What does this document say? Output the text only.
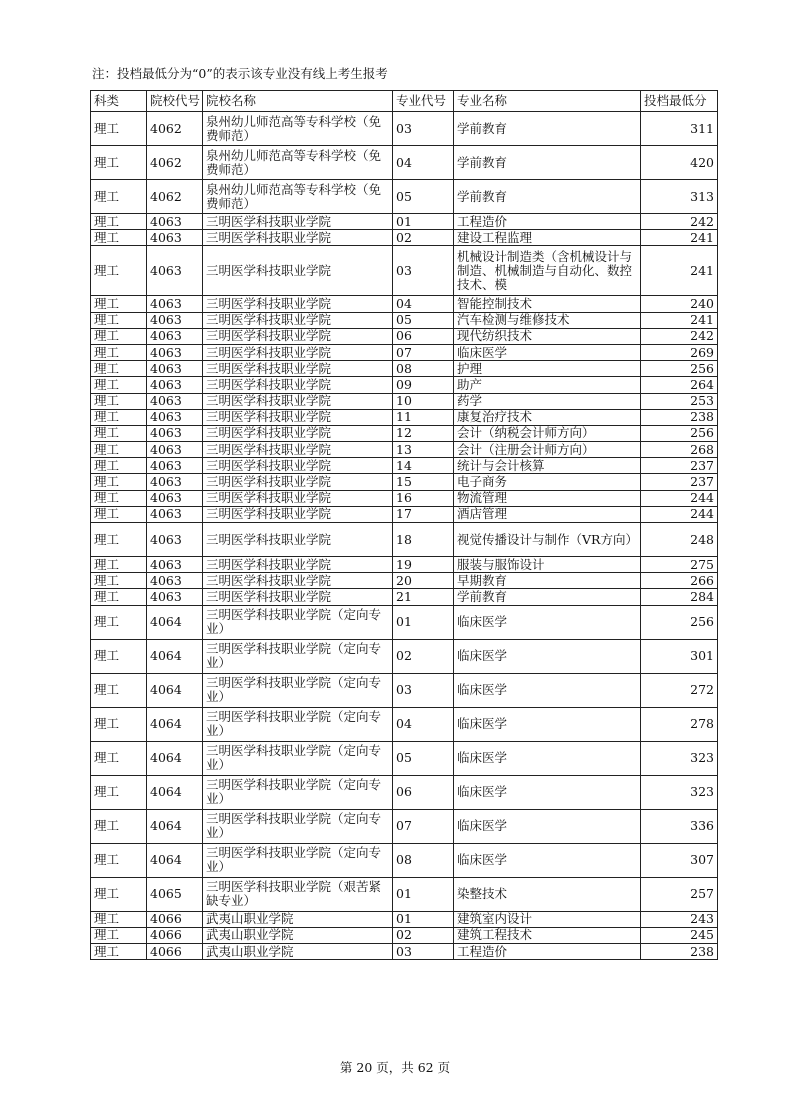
注：投档最低分为“0”的表示该专业没有线上考生报考
科类	院校代号	院校名称	专业代号	专业名称	投档最低分
理工	4062	泉州幼儿师范高等专科学校（免费师范）	03	学前教育	311
理工	4062	泉州幼儿师范高等专科学校（免费师范）	04	学前教育	420
理工	4062	泉州幼儿师范高等专科学校（免费师范）	05	学前教育	313
理工	4063	三明医学科技职业学院	01	工程造价	242
理工	4063	三明医学科技职业学院	02	建设工程监理	241
理工	4063	三明医学科技职业学院	03	机械设计制造类（含机械设计与制造、机械制造与自动化、数控技术、模	241
理工	4063	三明医学科技职业学院	04	智能控制技术	240
理工	4063	三明医学科技职业学院	05	汽车检测与维修技术	241
理工	4063	三明医学科技职业学院	06	现代纺织技术	242
理工	4063	三明医学科技职业学院	07	临床医学	269
理工	4063	三明医学科技职业学院	08	护理	256
理工	4063	三明医学科技职业学院	09	助产	264
理工	4063	三明医学科技职业学院	10	药学	253
理工	4063	三明医学科技职业学院	11	康复治疗技术	238
理工	4063	三明医学科技职业学院	12	会计（纳税会计师方向）	256
理工	4063	三明医学科技职业学院	13	会计（注册会计师方向）	268
理工	4063	三明医学科技职业学院	14	统计与会计核算	237
理工	4063	三明医学科技职业学院	15	电子商务	237
理工	4063	三明医学科技职业学院	16	物流管理	244
理工	4063	三明医学科技职业学院	17	酒店管理	244
理工	4063	三明医学科技职业学院	18	视觉传播设计与制作（VR方向）	248
理工	4063	三明医学科技职业学院	19	服装与服饰设计	275
理工	4063	三明医学科技职业学院	20	早期教育	266
理工	4063	三明医学科技职业学院	21	学前教育	284
理工	4064	三明医学科技职业学院（定向专业）	01	临床医学	256
理工	4064	三明医学科技职业学院（定向专业）	02	临床医学	301
理工	4064	三明医学科技职业学院（定向专业）	03	临床医学	272
理工	4064	三明医学科技职业学院（定向专业）	04	临床医学	278
理工	4064	三明医学科技职业学院（定向专业）	05	临床医学	323
理工	4064	三明医学科技职业学院（定向专业）	06	临床医学	323
理工	4064	三明医学科技职业学院（定向专业）	07	临床医学	336
理工	4064	三明医学科技职业学院（定向专业）	08	临床医学	307
理工	4065	三明医学科技职业学院（艰苦紧缺专业）	01	染整技术	257
理工	4066	武夷山职业学院	01	建筑室内设计	243
理工	4066	武夷山职业学院	02	建筑工程技术	245
理工	4066	武夷山职业学院	03	工程造价	238
第 20 页，共 62 页
